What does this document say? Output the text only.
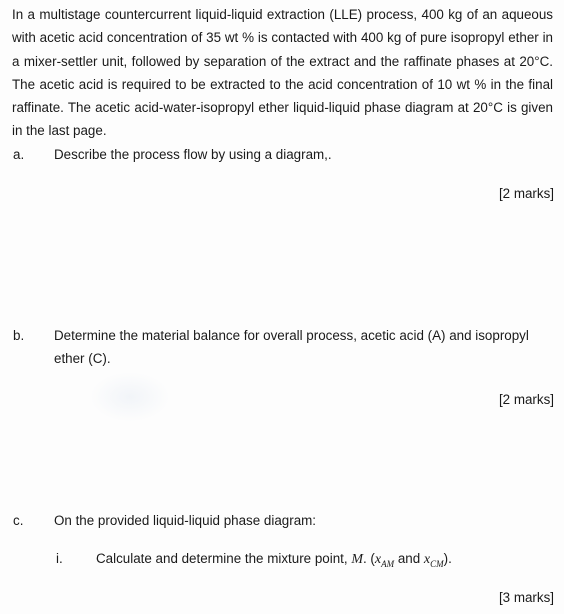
In a multistage countercurrent liquid-liquid extraction (LLE) process, 400 kg of an aqueous with acetic acid concentration of 35 wt % is contacted with 400 kg of pure isopropyl ether in a mixer-settler unit, followed by separation of the extract and the raffinate phases at 20°C. The acetic acid is required to be extracted to the acid concentration of 10 wt % in the final raffinate. The acetic acid-water-isopropyl ether liquid-liquid phase diagram at 20°C is given in the last page.

a.	Describe the process flow by using a diagram,.
[2 marks]
b.	Determine the material balance for overall process, acetic acid (A) and isopropyl ether (C).
[2 marks]
c.	On the provided liquid-liquid phase diagram:
i. Calculate and determine the mixture point, M. ($x_{AM}$ and $x_{CM}$).
[3 marks]
